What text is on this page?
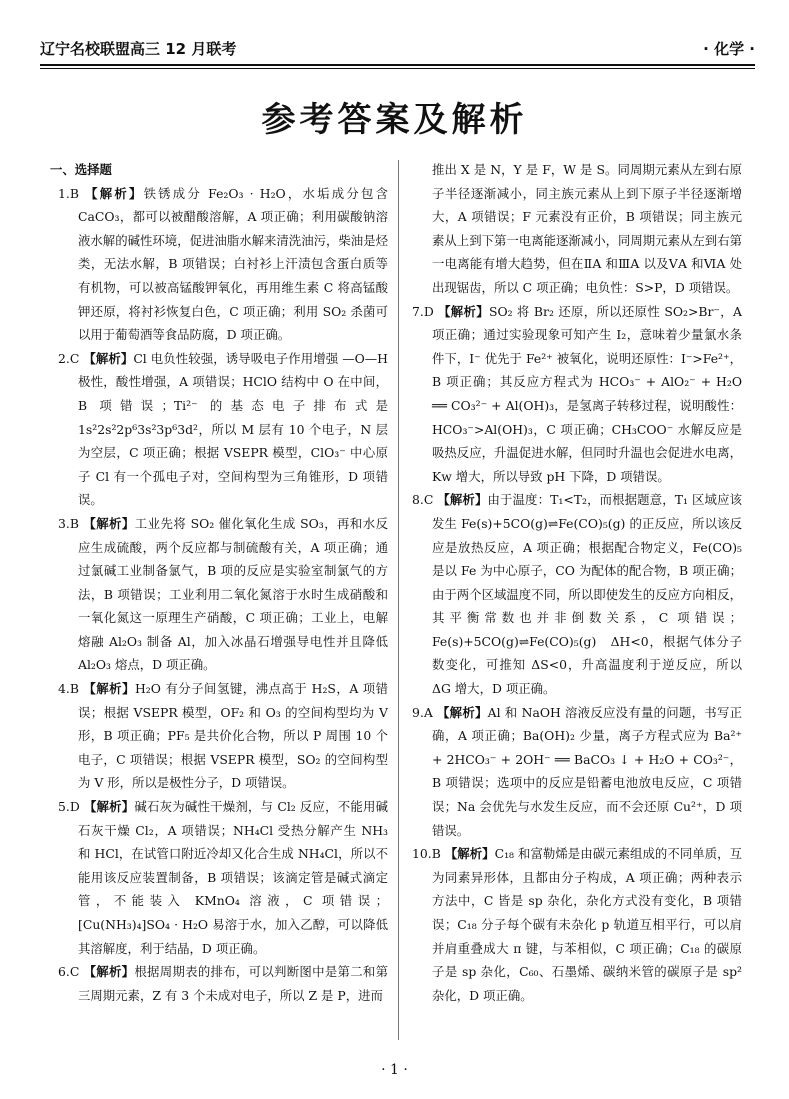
辽宁名校联盟高三 12 月联考	· 化学 ·
参考答案及解析
一、选择题

1.B 【解析】铁锈成分 Fe₂O₃ · H₂O，水垢成分包含 CaCO₃，都可以被醋酸溶解，A 项正确；利用碳酸钠溶液水解的碱性环境，促进油脂水解来清洗油污，柴油是烃类，无法水解，B 项错误；白衬衫上汗渍包含蛋白质等有机物，可以被高锰酸钾氧化，再用维生素 C 将高锰酸钾还原，将衬衫恢复白色，C 项正确；利用 SO₂ 杀菌可以用于葡萄酒等食品防腐，D 项正确。

2.C 【解析】Cl 电负性较强，诱导吸电子作用增强 —O—H 极性，酸性增强，A 项错误；HClO 结构中 O 在中间，B 项错误；Ti²⁻ 的基态电子排布式是 1s²2s²2p⁶3s²3p⁶3d²，所以 M 层有 10 个电子，N 层为空层，C 项正确；根据 VSEPR 模型，ClO₃⁻ 中心原子 Cl 有一个孤电子对，空间构型为三角锥形，D 项错误。

3.B 【解析】工业先将 SO₂ 催化氧化生成 SO₃，再和水反应生成硫酸，两个反应都与制硫酸有关，A 项正确；通过氯碱工业制备氯气，B 项的反应是实验室制氯气的方法，B 项错误；工业利用二氧化氮溶于水时生成硝酸和一氧化氮这一原理生产硝酸，C 项正确；工业上，电解熔融 Al₂O₃ 制备 Al，加入冰晶石增强导电性并且降低 Al₂O₃ 熔点，D 项正确。

4.B 【解析】H₂O 有分子间氢键，沸点高于 H₂S，A 项错误；根据 VSEPR 模型，OF₂ 和 O₃ 的空间构型均为 V 形，B 项正确；PF₅ 是共价化合物，所以 P 周围 10 个电子，C 项错误；根据 VSEPR 模型，SO₂ 的空间构型为 V 形，所以是极性分子，D 项错误。

5.D 【解析】碱石灰为碱性干燥剂，与 Cl₂ 反应，不能用碱石灰干燥 Cl₂，A 项错误；NH₄Cl 受热分解产生 NH₃ 和 HCl，在试管口附近冷却又化合生成 NH₄Cl，所以不能用该反应装置制备，B 项错误；该滴定管是碱式滴定管，不能装入 KMnO₄ 溶液，C 项错误；[Cu(NH₃)₄]SO₄ · H₂O 易溶于水，加入乙醇，可以降低其溶解度，利于结晶，D 项正确。

6.C 【解析】根据周期表的排布，可以判断图中是第二和第三周期元素，Z 有 3 个未成对电子，所以 Z 是 P，进而

推出 X 是 N，Y 是 F，W 是 S。同周期元素从左到右原子半径逐渐减小，同主族元素从上到下原子半径逐渐增大，A 项错误；F 元素没有正价，B 项错误；同主族元素从上到下第一电离能逐渐减小，同周期元素从左到右第一电离能有增大趋势，但在ⅡA 和ⅢA 以及ⅤA 和ⅥA 处出现锯齿，所以 C 项正确；电负性：S>P，D 项错误。

7.D 【解析】SO₂ 将 Br₂ 还原，所以还原性 SO₂>Br⁻，A 项正确；通过实验现象可知产生 I₂，意味着少量氯水条件下，I⁻ 优先于 Fe²⁺ 被氧化，说明还原性：I⁻>Fe²⁺，B 项正确；其反应方程式为 HCO₃⁻ + AlO₂⁻ + H₂O ══ CO₃²⁻ + Al(OH)₃，是氢离子转移过程，说明酸性：HCO₃⁻>Al(OH)₃，C 项正确；CH₃COO⁻ 水解反应是吸热反应，升温促进水解，但同时升温也会促进水电离，Kw 增大，所以导致 pH 下降，D 项错误。

8.C 【解析】由于温度：T₁<T₂，而根据题意，T₁ 区域应该发生 Fe(s)+5CO(g)⇌Fe(CO)₅(g) 的正反应，所以该反应是放热反应，A 项正确；根据配合物定义，Fe(CO)₅ 是以 Fe 为中心原子，CO 为配体的配合物，B 项正确；由于两个区域温度不同，所以即使发生的反应方向相反，其平衡常数也并非倒数关系，C 项错误；Fe(s)+5CO(g)⇌Fe(CO)₅(g)　ΔH<0，根据气体分子数变化，可推知 ΔS<0，升高温度利于逆反应，所以 ΔG 增大，D 项正确。

9.A 【解析】Al 和 NaOH 溶液反应没有量的问题，书写正确，A 项正确；Ba(OH)₂ 少量，离子方程式应为 Ba²⁺ + 2HCO₃⁻ + 2OH⁻ ══ BaCO₃ ↓ + H₂O + CO₃²⁻，B 项错误；选项中的反应是铅蓄电池放电反应，C 项错误；Na 会优先与水发生反应，而不会还原 Cu²⁺，D 项错误。

10.B 【解析】C₁₈ 和富勒烯是由碳元素组成的不同单质，互为同素异形体，且都由分子构成，A 项正确；两种表示方法中，C 皆是 sp 杂化，杂化方式没有变化，B 项错误；C₁₈ 分子每个碳有未杂化 p 轨道互相平行，可以肩并肩重叠成大 π 键，与苯相似，C 项正确；C₁₈ 的碳原子是 sp 杂化，C₆₀、石墨烯、碳纳米管的碳原子是 sp² 杂化，D 项正确。

· 1 ·
